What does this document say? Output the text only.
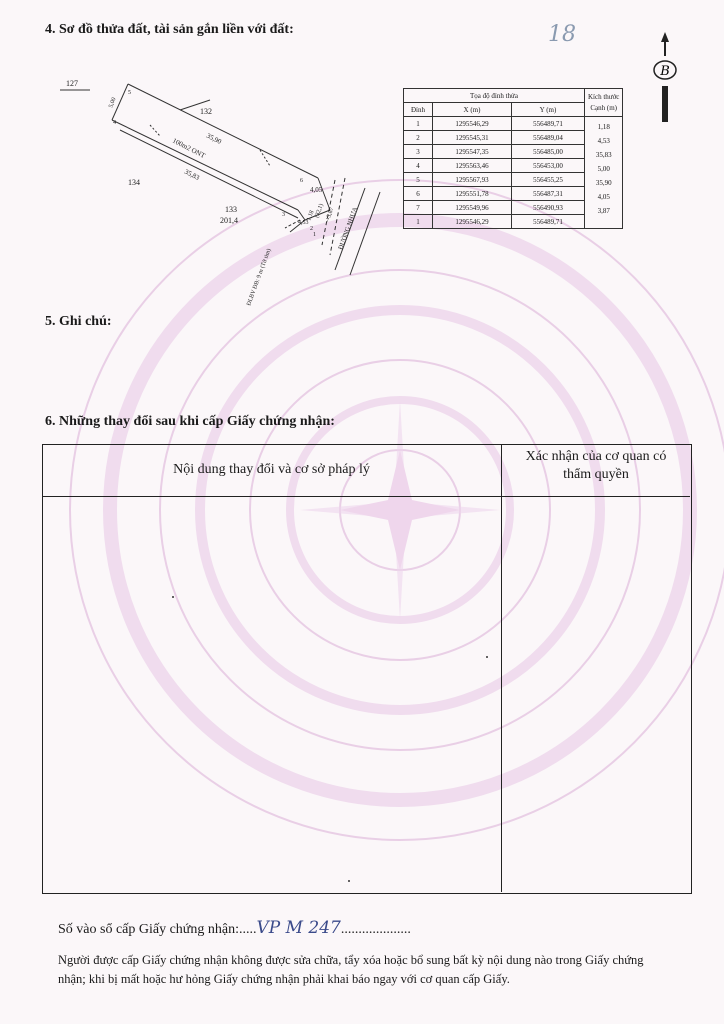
4. Sơ đồ thửa đất, tài sản gắn liền với đất:	18
B
127
132
134
133
201,4
100m2 ONT
35,90
35,83
5,00
4,05
4,53
1,18 3,87
(32,1)
5
4
6
3
2
1
7 ĐƯỜNG NHỰA
ĐLBV ĐB: 9 m (Từ tim)
Tọa độ đỉnh thửa			Kích thước
Cạnh (m)
Đỉnh	X (m)	Y (m)	
1	1295546,29	556489,71	1,18
2	1295545,31	556489,04	4,53
3	1295547,35	556485,00	35,83
4	1295563,46	556453,00	5,00
5	1295567,93	556455,25	35,90
6	1295551,78	556487,31	4,05
7	1295549,96	556490,93	3,87
1	1295546,29	556489,71	
5. Ghi chú:
6. Những thay đổi sau khi cấp Giấy chứng nhận:
Nội dung thay đổi và cơ sở pháp lý
Xác nhận của cơ quan có
thẩm quyền
Số vào sổ cấp Giấy chứng nhận:.....VP M 247....................
Người được cấp Giấy chứng nhận không được sửa chữa, tẩy xóa hoặc bổ sung bất kỳ nội dung nào trong Giấy chứng nhận; khi bị mất hoặc hư hỏng Giấy chứng nhận phải khai báo ngay với cơ quan cấp Giấy.
